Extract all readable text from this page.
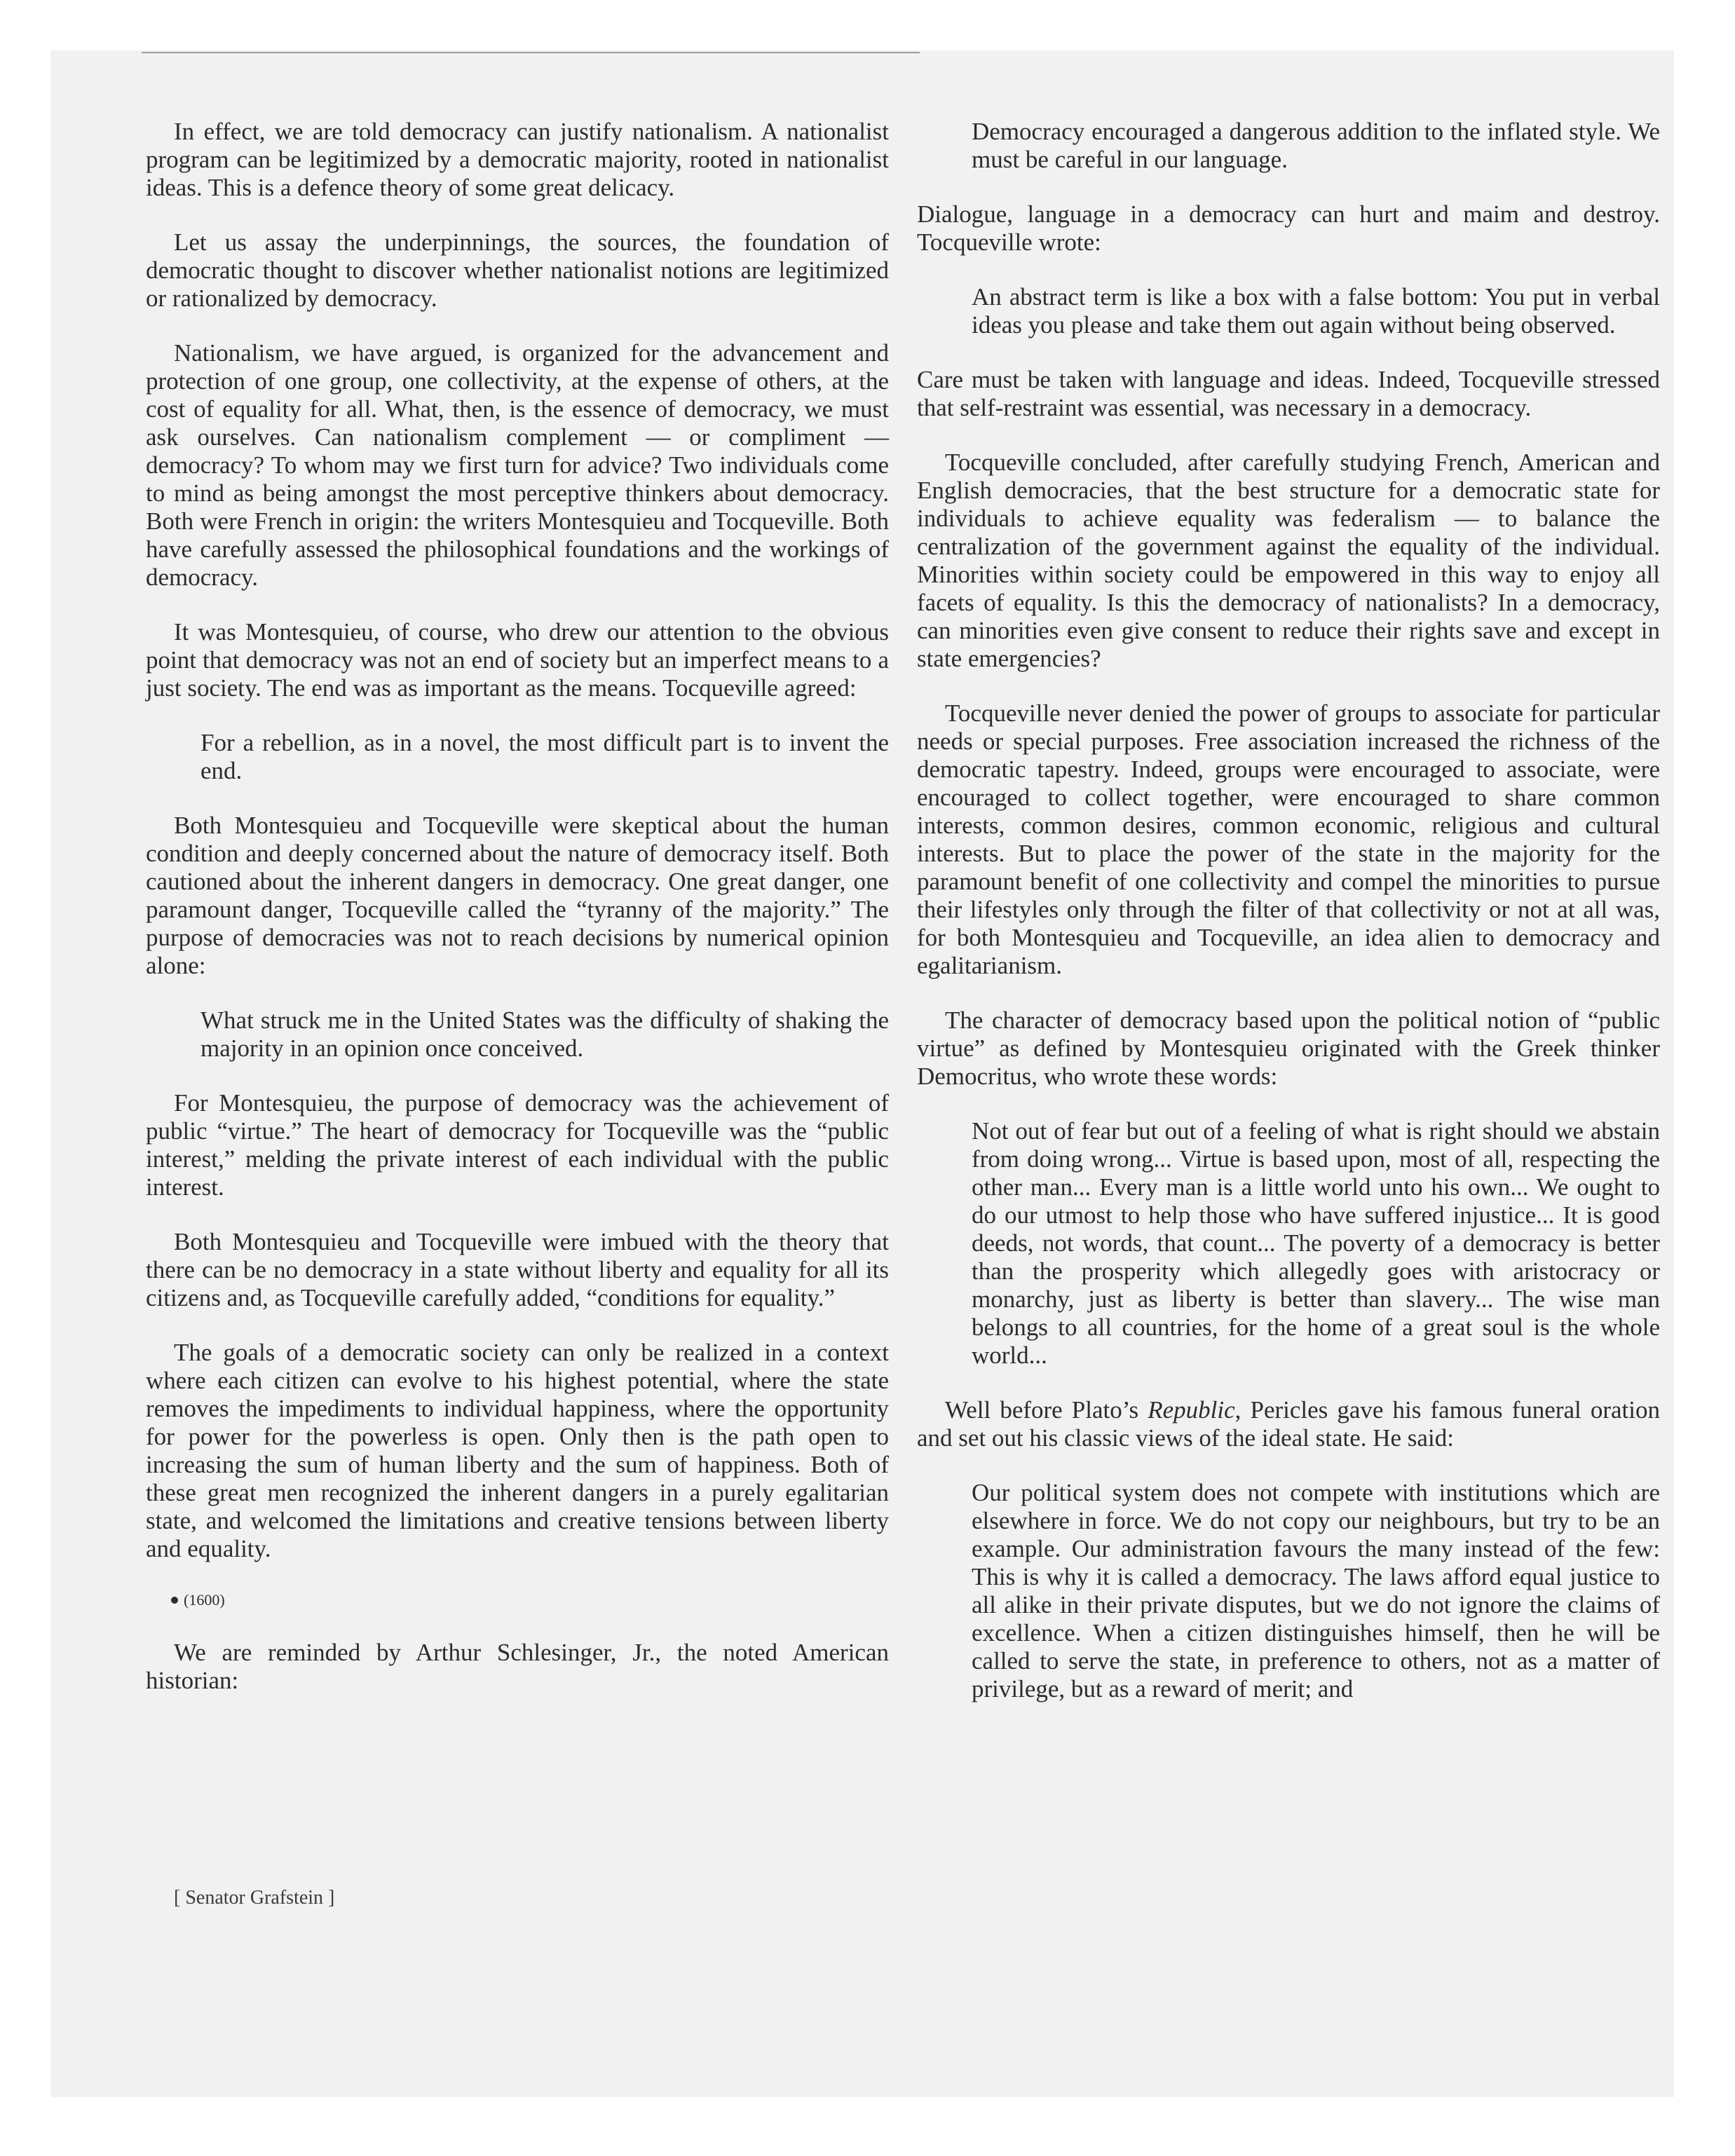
In effect, we are told democracy can justify nationalism. A nationalist program can be legitimized by a democratic majority, rooted in nationalist ideas. This is a defence theory of some great delicacy.

Let us assay the underpinnings, the sources, the foundation of democratic thought to discover whether nationalist notions are legitimized or rationalized by democracy.

Nationalism, we have argued, is organized for the advancement and protection of one group, one collectivity, at the expense of others, at the cost of equality for all. What, then, is the essence of democracy, we must ask ourselves. Can nationalism complement — or compliment — democracy? To whom may we first turn for advice? Two individuals come to mind as being amongst the most perceptive thinkers about democracy. Both were French in origin: the writers Montesquieu and Tocqueville. Both have carefully assessed the philosophical foundations and the workings of democracy.

It was Montesquieu, of course, who drew our attention to the obvious point that democracy was not an end of society but an imperfect means to a just society. The end was as important as the means. Tocqueville agreed:

For a rebellion, as in a novel, the most difficult part is to invent the end.

Both Montesquieu and Tocqueville were skeptical about the human condition and deeply concerned about the nature of democracy itself. Both cautioned about the inherent dangers in democracy. One great danger, one paramount danger, Tocqueville called the “tyranny of the majority.” The purpose of democracies was not to reach decisions by numerical opinion alone:

What struck me in the United States was the difficulty of shaking the majority in an opinion once conceived.

For Montesquieu, the purpose of democracy was the achievement of public “virtue.” The heart of democracy for Tocqueville was the “public interest,” melding the private interest of each individual with the public interest.

Both Montesquieu and Tocqueville were imbued with the theory that there can be no democracy in a state without liberty and equality for all its citizens and, as Tocqueville carefully added, “conditions for equality.”

The goals of a democratic society can only be realized in a context where each citizen can evolve to his highest potential, where the state removes the impediments to individual happiness, where the opportunity for power for the powerless is open. Only then is the path open to increasing the sum of human liberty and the sum of happiness. Both of these great men recognized the inherent dangers in a purely egalitarian state, and welcomed the limitations and creative tensions between liberty and equality.

(1600)

We are reminded by Arthur Schlesinger, Jr., the noted American historian:

Democracy encouraged a dangerous addition to the inflated style. We must be careful in our language.

Dialogue, language in a democracy can hurt and maim and destroy. Tocqueville wrote:

An abstract term is like a box with a false bottom: You put in verbal ideas you please and take them out again without being observed.

Care must be taken with language and ideas. Indeed, Tocqueville stressed that self-restraint was essential, was necessary in a democracy.

Tocqueville concluded, after carefully studying French, American and English democracies, that the best structure for a democratic state for individuals to achieve equality was federalism — to balance the centralization of the government against the equality of the individual. Minorities within society could be empowered in this way to enjoy all facets of equality. Is this the democracy of nationalists? In a democracy, can minorities even give consent to reduce their rights save and except in state emergencies?

Tocqueville never denied the power of groups to associate for particular needs or special purposes. Free association increased the richness of the democratic tapestry. Indeed, groups were encouraged to associate, were encouraged to collect together, were encouraged to share common interests, common desires, common economic, religious and cultural interests. But to place the power of the state in the majority for the paramount benefit of one collectivity and compel the minorities to pursue their lifestyles only through the filter of that collectivity or not at all was, for both Montesquieu and Tocqueville, an idea alien to democracy and egalitarianism.

The character of democracy based upon the political notion of “public virtue” as defined by Montesquieu originated with the Greek thinker Democritus, who wrote these words:

Not out of fear but out of a feeling of what is right should we abstain from doing wrong... Virtue is based upon, most of all, respecting the other man... Every man is a little world unto his own... We ought to do our utmost to help those who have suffered injustice... It is good deeds, not words, that count... The poverty of a democracy is better than the prosperity which allegedly goes with aristocracy or monarchy, just as liberty is better than slavery... The wise man belongs to all countries, for the home of a great soul is the whole world...

Well before Plato’s Republic, Pericles gave his famous funeral oration and set out his classic views of the ideal state. He said:

Our political system does not compete with institutions which are elsewhere in force. We do not copy our neighbours, but try to be an example. Our administration favours the many instead of the few: This is why it is called a democracy. The laws afford equal justice to all alike in their private disputes, but we do not ignore the claims of excellence. When a citizen distinguishes himself, then he will be called to serve the state, in preference to others, not as a matter of privilege, but as a reward of merit; and

[ Senator Grafstein ]
